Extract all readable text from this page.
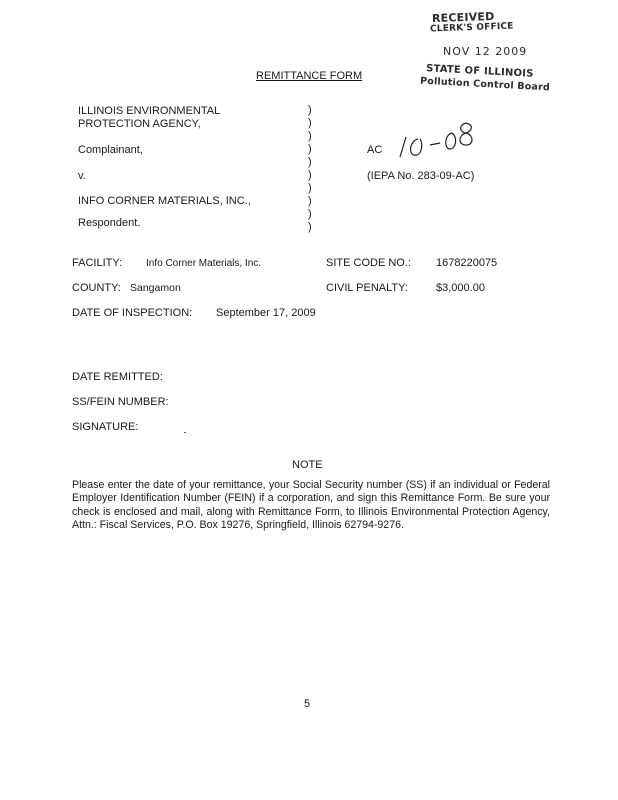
RECEIVED
CLERK'S OFFICE
NOV 12 2009
STATE OF ILLINOIS
Pollution Control Board
REMITTANCE FORM
ILLINOIS ENVIRONMENTAL
PROTECTION AGENCY,
Complainant,
v.
INFO CORNER MATERIALS, INC.,
Respondent.
)
)
)
)
)
)
)
)
)
)
AC
(IEPA No. 283-09-AC)
FACILITY: Info Corner Materials, Inc.	SITE CODE NO.: 1678220075
COUNTY: Sangamon	CIVIL PENALTY:	$3,000.00
DATE OF INSPECTION: September 17, 2009
DATE REMITTED:
SS/FEIN NUMBER:
SIGNATURE:
NOTE
Please enter the date of your remittance, your Social Security number (SS) if an individual or Federal Employer Identification Number (FEIN) if a corporation, and sign this Remittance Form. Be sure your check is enclosed and mail, along with Remittance Form, to Illinois Environmental Protection Agency, Attn.: Fiscal Services, P.O. Box 19276, Springfield, Illinois 62794-9276.
5
